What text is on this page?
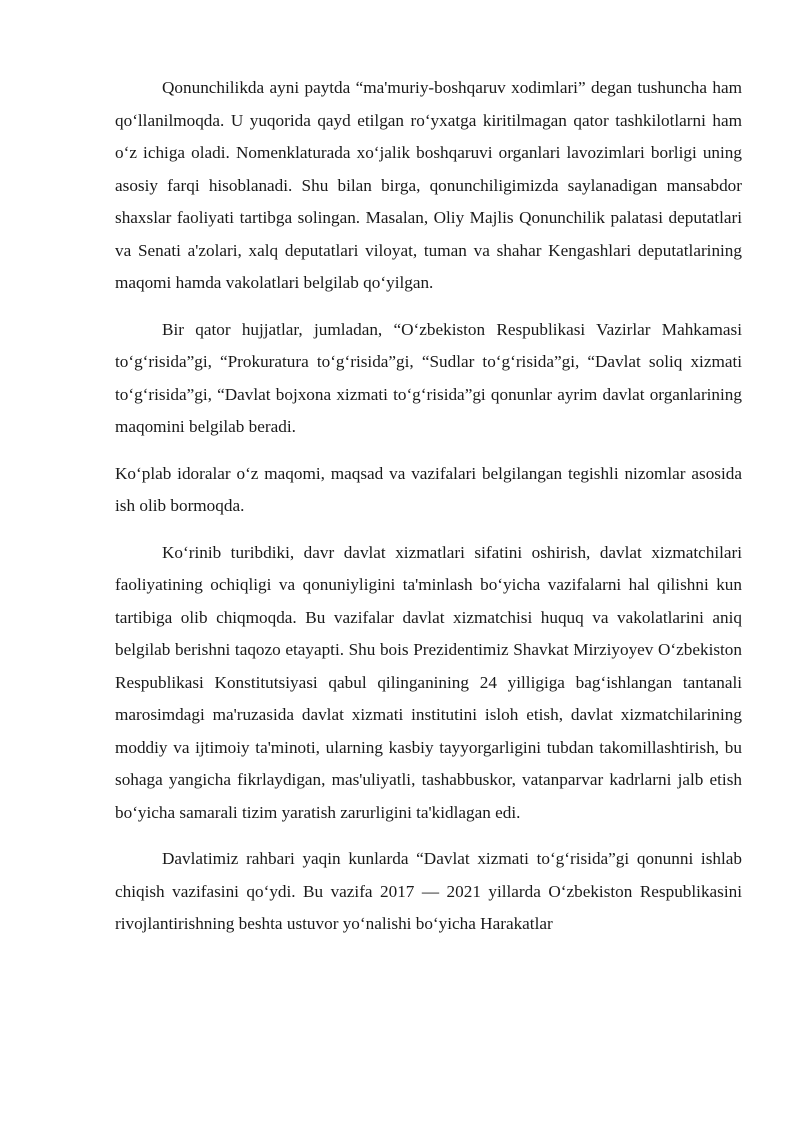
Qonunchilikda ayni paytda “ma'muriy-boshqaruv xodimlari” degan tushuncha ham qo‘llanilmoqda. U yuqorida qayd etilgan ro‘yxatga kiritilmagan qator tashkilotlarni ham o‘z ichiga oladi. Nomenklaturada xo‘jalik boshqaruvi organlari lavozimlari borligi uning asosiy farqi hisoblanadi. Shu bilan birga, qonunchiligimizda saylanadigan mansabdor shaxslar faoliyati tartibga solingan. Masalan, Oliy Majlis Qonunchilik palatasi deputatlari va Senati a'zolari, xalq deputatlari viloyat, tuman va shahar Kengashlari deputatlarining maqomi hamda vakolatlari belgilab qo‘yilgan.

Bir qator hujjatlar, jumladan, “O‘zbekiston Respublikasi Vazirlar Mahkamasi to‘g‘risida”gi, “Prokuratura to‘g‘risida”gi, “Sudlar to‘g‘risida”gi, “Davlat soliq xizmati to‘g‘risida”gi, “Davlat bojxona xizmati to‘g‘risida”gi qonunlar ayrim davlat organlarining maqomini belgilab beradi.

Ko‘plab idoralar o‘z maqomi, maqsad va vazifalari belgilangan tegishli nizomlar asosida ish olib bormoqda.

Ko‘rinib turibdiki, davr davlat xizmatlari sifatini oshirish, davlat xizmatchilari faoliyatining ochiqligi va qonuniyligini ta'minlash bo‘yicha vazifalarni hal qilishni kun tartibiga olib chiqmoqda. Bu vazifalar davlat xizmatchisi huquq va vakolatlarini aniq belgilab berishni taqozo etayapti. Shu bois Prezidentimiz Shavkat Mirziyoyev O‘zbekiston Respublikasi Konstitutsiyasi qabul qilinganining 24 yilligiga bag‘ishlangan tantanali marosimdagi ma'ruzasida davlat xizmati institutini isloh etish, davlat xizmatchilarining moddiy va ijtimoiy ta'minoti, ularning kasbiy tayyorgarligini tubdan takomillashtirish, bu sohaga yangicha fikrlaydigan, mas'uliyatli, tashabbuskor, vatanparvar kadrlarni jalb etish bo‘yicha samarali tizim yaratish zarurligini ta'kidlagan edi.

Davlatimiz rahbari yaqin kunlarda “Davlat xizmati to‘g‘risida”gi qonunni ishlab chiqish vazifasini qo‘ydi. Bu vazifa 2017 — 2021 yillarda O‘zbekiston Respublikasini rivojlantirishning beshta ustuvor yo‘nalishi bo‘yicha Harakatlar
